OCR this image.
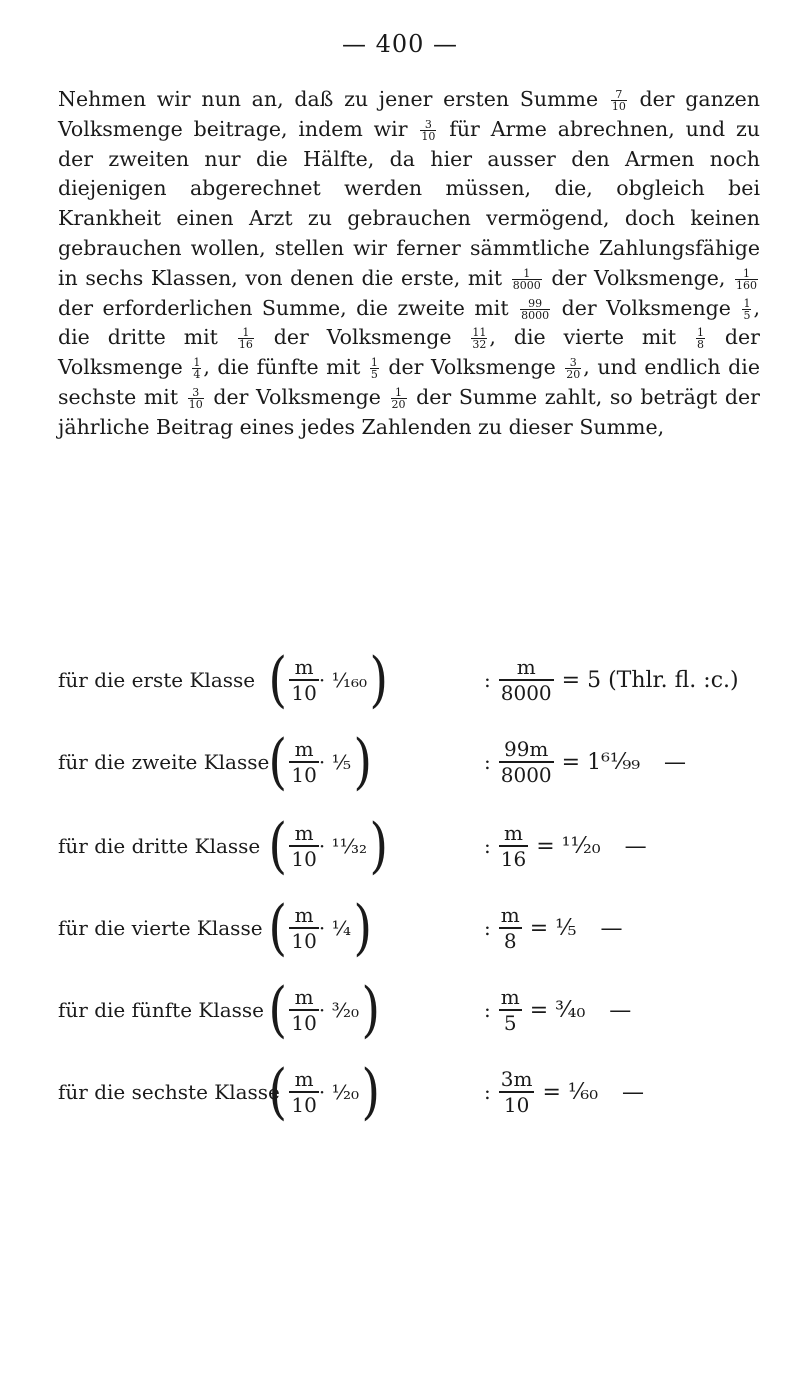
— 400 —
Nehmen wir nun an, daß zu jener ersten Summe $\frac{7}{10}$ der ganzen Volksmenge beitrage, indem wir $\frac{3}{10}$ für Arme abrechnen, und zu der zweiten nur die Hälfte, da hier ausser den Armen noch diejenigen abgerechnet werden müssen, die, obgleich bei Krankheit einen Arzt zu gebrauchen vermögend, doch keinen gebrauchen wollen, stellen wir ferner sämmtliche Zahlungsfähige in sechs Klassen, von denen die erste, mit $\frac{1}{8000}$ der Volksmenge, $\frac{1}{160}$
der erforderlichen Summe, die zweite mit $\frac{99}{8000}$ der Volksmenge $\frac{1}{5}$ , die dritte mit $\frac{1}{16}$ der Volksmenge $\frac{11}{32}$ , die vierte mit $\frac{1}{8}$ der Volksmenge $\frac{1}{4}$ , die fünfte mit $\frac{1}{5}$ der Volksmenge $\frac{3}{20}$ , und endlich die sechste mit $\frac{3}{10}$ der Volksmenge $\frac{1}{20}$ der Summe zahlt, so beträgt der jährliche Beitrag eines jedes Zahlenden zu dieser Summe,
für die erste Klasse ( $\frac{m}{10}$ · ¹⁄₁₆₀ )	: $\frac{m}{8000} = 5$ (Thlr. fl. :c.)
für die zweite Klasse
( $\frac{m}{10}$ · ¹⁄₅ )	: $\frac{99m}{8000}$ = 1⁶¹⁄₉₉ —
für die dritte Klasse ( $\frac{m}{10}$ · ¹¹⁄₃₂ )	: $\frac{m}{16}$ = ¹¹⁄₂₀ —
für die vierte Klasse ( $\frac{m}{10}$ · ¹⁄₄ )	: $\frac{m}{8}$ = ¹⁄₅ —
für die fünfte Klasse ( $\frac{m}{10}$ · ³⁄₂₀ )	: $\frac{m}{5}$ = ³⁄₄₀ —
für die sechste Klasse
( $\frac{m}{10}$ · ¹⁄₂₀ )	: $\frac{3m}{10}$ = ¹⁄₆₀ —
